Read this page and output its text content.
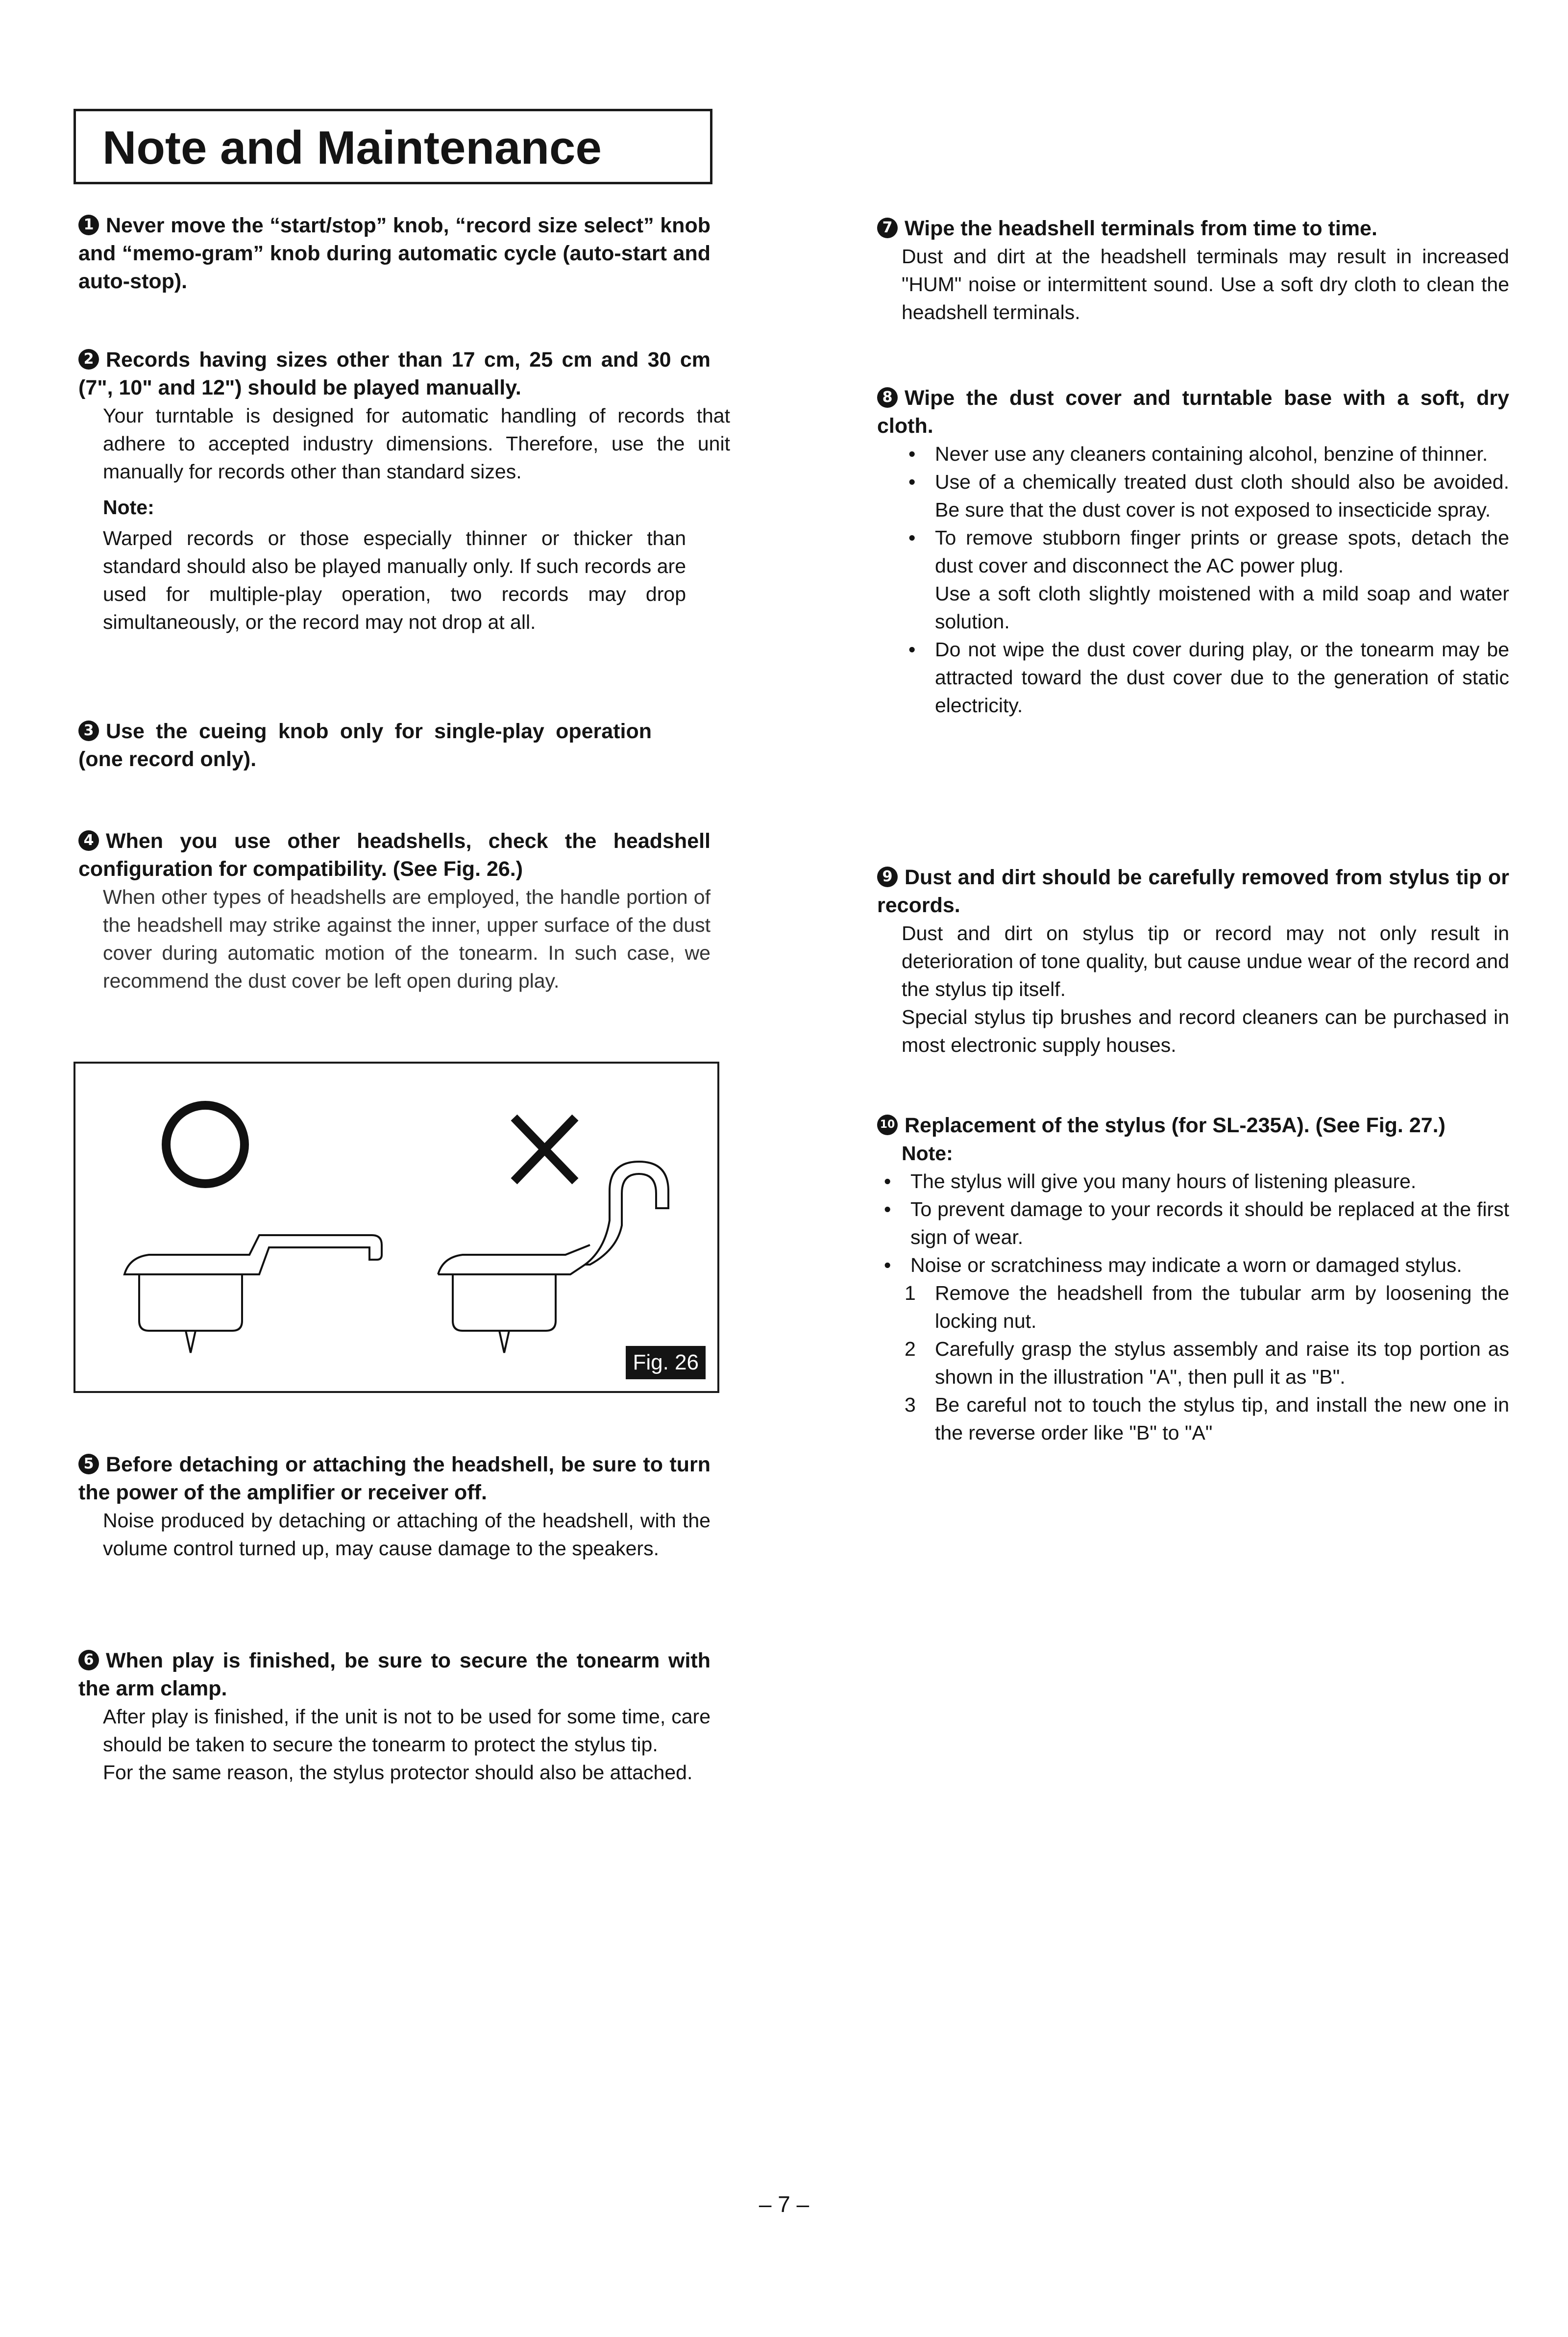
Note and Maintenance
1 Never move the “start/stop” knob, “record size select” knob and “memo-gram” knob during automatic cycle (auto-start and auto-stop).
2 Records having sizes other than 17 cm, 25 cm and 30 cm (7", 10" and 12") should be played manually.
Your turntable is designed for automatic handling of records that adhere to accepted industry dimensions. Therefore, use the unit manually for records other than standard sizes.
Note:
Warped records or those especially thinner or thicker than standard should also be played manually only. If such records are used for multiple-play operation, two records may drop simultaneously, or the record may not drop at all.
3 Use the cueing knob only for single-play operation (one record only).
4 When you use other headshells, check the headshell configuration for compatibility. (See Fig. 26.)
When other types of headshells are employed, the handle portion of the headshell may strike against the inner, upper surface of the dust cover during automatic motion of the tonearm. In such case, we recommend the dust cover be left open during play.
Fig. 26
5 Before detaching or attaching the headshell, be sure to turn the power of the amplifier or receiver off.
Noise produced by detaching or attaching of the headshell, with the volume control turned up, may cause damage to the speakers.
6 When play is finished, be sure to secure the tonearm with the arm clamp.
After play is finished, if the unit is not to be used for some time, care should be taken to secure the tonearm to protect the stylus tip.
For the same reason, the stylus protector should also be attached.
7 Wipe the headshell terminals from time to time.
Dust and dirt at the headshell terminals may result in increased "HUM" noise or intermittent sound. Use a soft dry cloth to clean the headshell terminals.
8 Wipe the dust cover and turntable base with a soft, dry cloth.
• Never use any cleaners containing alcohol, benzine of thinner.
• Use of a chemically treated dust cloth should also be avoided. Be sure that the dust cover is not exposed to insecticide spray.
• To remove stubborn finger prints or grease spots, detach the dust cover and disconnect the AC power plug.
Use a soft cloth slightly moistened with a mild soap and water solution.
• Do not wipe the dust cover during play, or the tonearm may be attracted toward the dust cover due to the generation of static electricity.
9 Dust and dirt should be carefully removed from stylus tip or records.
Dust and dirt on stylus tip or record may not only result in deterioration of tone quality, but cause undue wear of the record and the stylus tip itself.
Special stylus tip brushes and record cleaners can be purchased in most electronic supply houses.
10 Replacement of the stylus (for SL-235A). (See Fig. 27.)
Note:
• The stylus will give you many hours of listening pleasure.
• To prevent damage to your records it should be replaced at the first sign of wear.
• Noise or scratchiness may indicate a worn or damaged stylus.
1 Remove the headshell from the tubular arm by loosening the locking nut.
2 Carefully grasp the stylus assembly and raise its top portion as shown in the illustration "A", then pull it as "B".
3 Be careful not to touch the stylus tip, and install the new one in the reverse order like "B" to "A"
– 7 –
